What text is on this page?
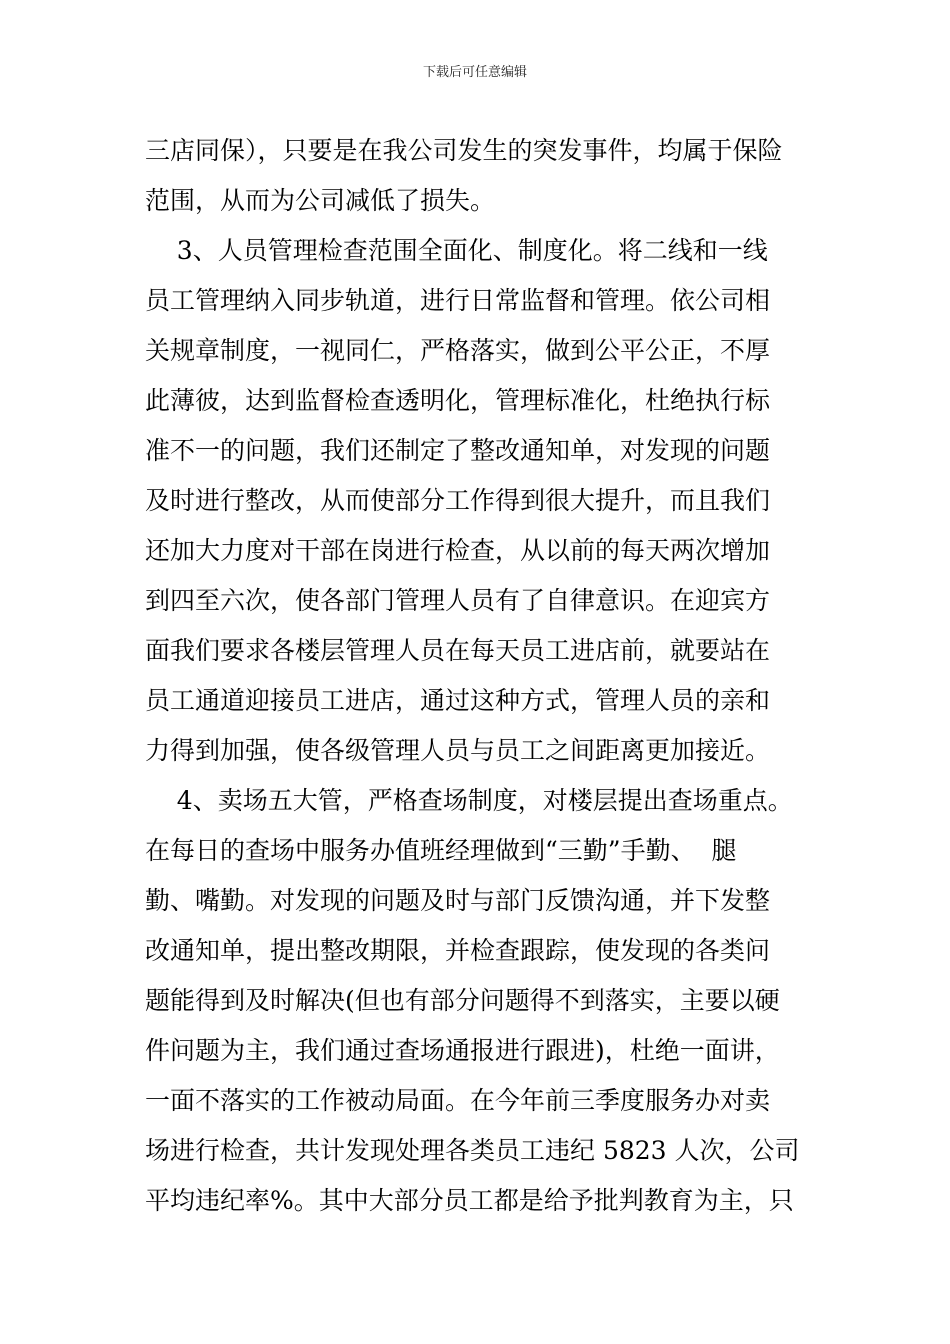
下载后可任意编辑
三店同保），只要是在我公司发生的突发事件，均属于保险
范围，从而为公司减低了损失。
3、人员管理检查范围全面化、制度化。将二线和一线
员工管理纳入同步轨道，进行日常监督和管理。依公司相
关规章制度，一视同仁，严格落实，做到公平公正，不厚
此薄彼，达到监督检查透明化，管理标准化，杜绝执行标
准不一的问题，我们还制定了整改通知单，对发现的问题
及时进行整改，从而使部分工作得到很大提升，而且我们
还加大力度对干部在岗进行检查，从以前的每天两次增加
到四至六次，使各部门管理人员有了自律意识。在迎宾方
面我们要求各楼层管理人员在每天员工进店前，就要站在
员工通道迎接员工进店，通过这种方式，管理人员的亲和
力得到加强，使各级管理人员与员工之间距离更加接近。
4、卖场五大管，严格查场制度，对楼层提出查场重点。
在每日的查场中服务办值班经理做到“三勤”手勤、  腿
勤、嘴勤。对发现的问题及时与部门反馈沟通，并下发整
改通知单，提出整改期限，并检查跟踪，使发现的各类问
题能得到及时解决(但也有部分问题得不到落实，主要以硬
件问题为主，我们通过查场通报进行跟进)，杜绝一面讲，
一面不落实的工作被动局面。在今年前三季度服务办对卖
场进行检查，共计发现处理各类员工违纪 5823 人次，公司
平均违纪率%。其中大部分员工都是给予批判教育为主，只
